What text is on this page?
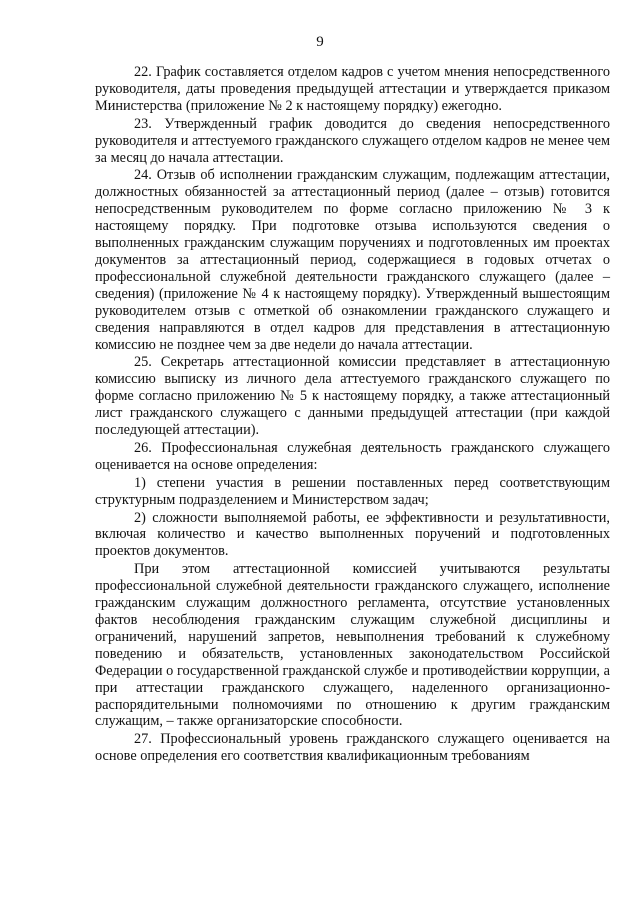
9

22. График составляется отделом кадров с учетом мнения непосредственного руководителя, даты проведения предыдущей аттестации и утверждается приказом Министерства (приложение № 2 к настоящему порядку) ежегодно.

23. Утвержденный график доводится до сведения непосредственного руководителя и аттестуемого гражданского служащего отделом кадров не менее чем за месяц до начала аттестации.

24. Отзыв об исполнении гражданским служащим, подлежащим аттестации, должностных обязанностей за аттестационный период (далее – отзыв) готовится непосредственным руководителем по форме согласно приложению № 3 к настоящему порядку. При подготовке отзыва используются сведения о выполненных гражданским служащим поручениях и подготовленных им проектах документов за аттестационный период, содержащиеся в годовых отчетах о профессиональной служебной деятельности гражданского служащего (далее – сведения) (приложение № 4 к настоящему порядку). Утвержденный вышестоящим руководителем отзыв с отметкой об ознакомлении гражданского служащего и сведения направляются в отдел кадров для представления в аттестационную комиссию не позднее чем за две недели до начала аттестации.

25. Секретарь аттестационной комиссии представляет в аттестационную комиссию выписку из личного дела аттестуемого гражданского служащего по форме согласно приложению № 5 к настоящему порядку, а также аттестационный лист гражданского служащего с данными предыдущей аттестации (при каждой последующей аттестации).

26. Профессиональная служебная деятельность гражданского служащего оценивается на основе определения:

1) степени участия в решении поставленных перед соответствующим структурным подразделением и Министерством задач;

2) сложности выполняемой работы, ее эффективности и результативности, включая количество и качество выполненных поручений и подготовленных проектов документов.

При этом аттестационной комиссией учитываются результаты профессиональной служебной деятельности гражданского служащего, исполнение гражданским служащим должностного регламента, отсутствие установленных фактов несоблюдения гражданским служащим служебной дисциплины и ограничений, нарушений запретов, невыполнения требований к служебному поведению и обязательств, установленных законодательством Российской Федерации о государственной гражданской службе и противодействии коррупции, а при аттестации гражданского служащего, наделенного организационно-распорядительными полномочиями по отношению к другим гражданским служащим, – также организаторские способности.

27. Профессиональный уровень гражданского служащего оценивается на основе определения его соответствия квалификационным требованиям
